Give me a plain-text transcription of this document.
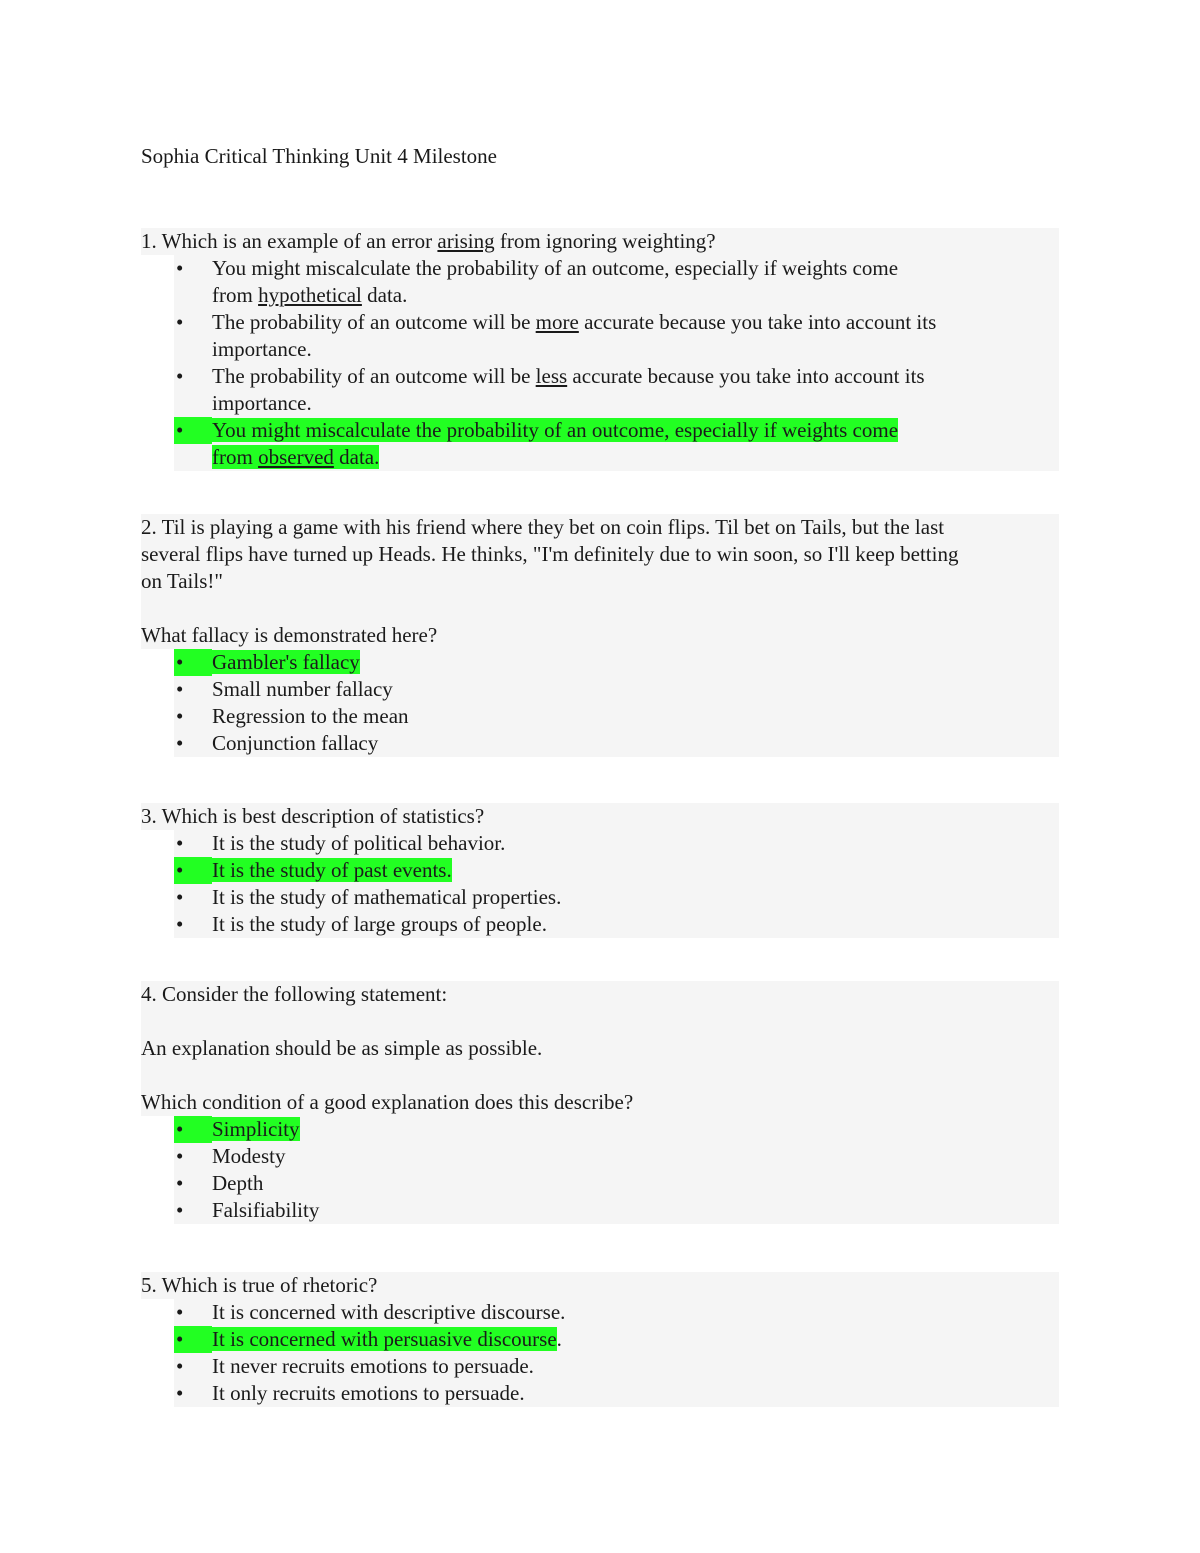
Sophia Critical Thinking Unit 4 Milestone
1. Which is an example of an error arising from ignoring weighting?
• You might miscalculate the probability of an outcome, especially if weights come
from hypothetical data.
• The probability of an outcome will be more accurate because you take into account its
importance.
• The probability of an outcome will be less accurate because you take into account its
importance.
• You might miscalculate the probability of an outcome, especially if weights come
from observed data.
2. Til is playing a game with his friend where they bet on coin flips. Til bet on Tails, but the last
several flips have turned up Heads. He thinks, "I'm definitely due to win soon, so I'll keep betting
on Tails!"
What fallacy is demonstrated here?
• Gambler's fallacy
• Small number fallacy
• Regression to the mean
• Conjunction fallacy
3. Which is best description of statistics?
• It is the study of political behavior.
• It is the study of past events.
• It is the study of mathematical properties.
• It is the study of large groups of people.
4. Consider the following statement:
An explanation should be as simple as possible.
Which condition of a good explanation does this describe?
• Simplicity
• Modesty
• Depth
• Falsifiability
5. Which is true of rhetoric?
• It is concerned with descriptive discourse.
• It is concerned with persuasive discourse.
• It never recruits emotions to persuade.
• It only recruits emotions to persuade.
